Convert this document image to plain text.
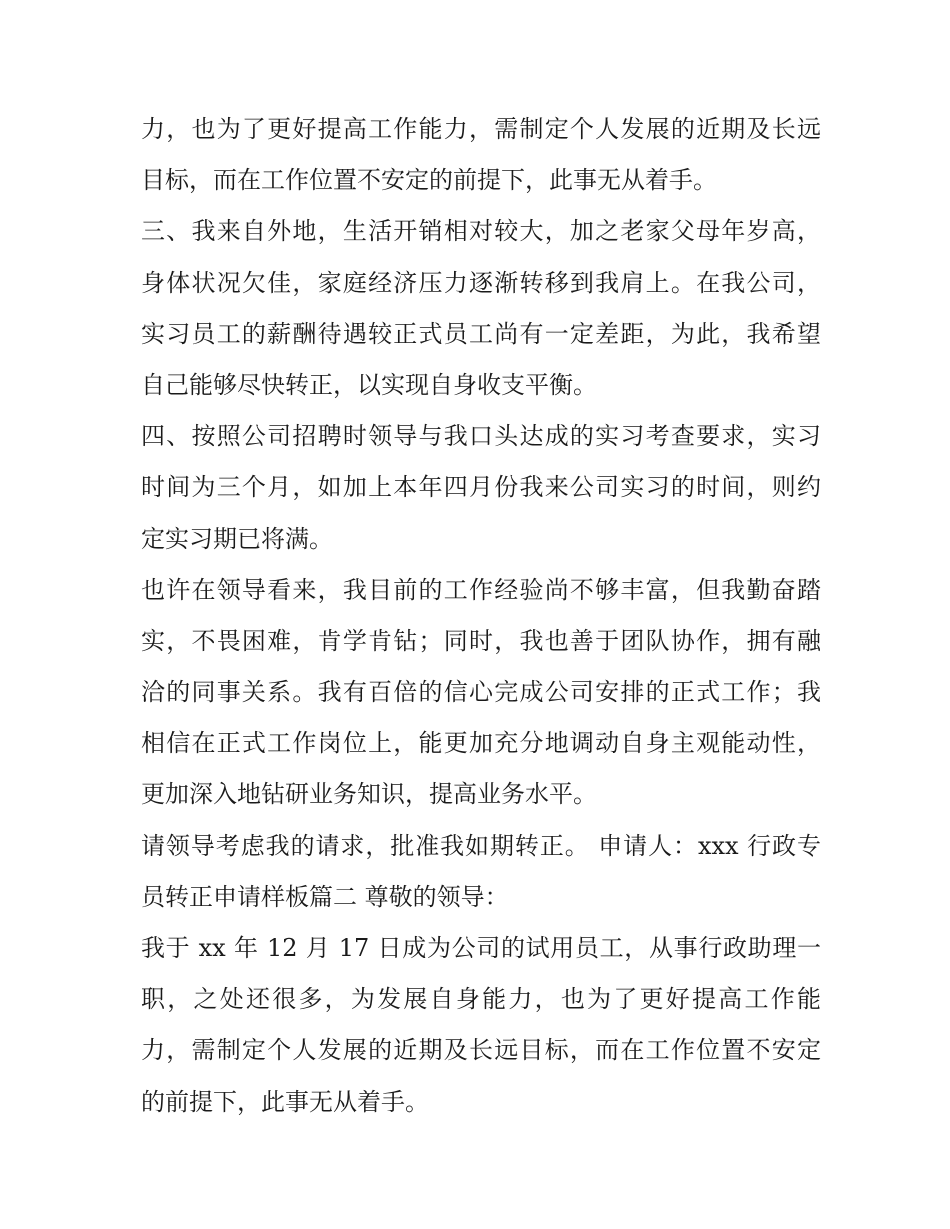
力，也为了更好提高工作能力，需制定个人发展的近期及长远
目标，而在工作位置不安定的前提下，此事无从着手。
三、我来自外地，生活开销相对较大，加之老家父母年岁高，
身体状况欠佳，家庭经济压力逐渐转移到我肩上。在我公司，
实习员工的薪酬待遇较正式员工尚有一定差距，为此，我希望
自己能够尽快转正，以实现自身收支平衡。
四、按照公司招聘时领导与我口头达成的实习考查要求，实习
时间为三个月，如加上本年四月份我来公司实习的时间，则约
定实习期已将满。
也许在领导看来，我目前的工作经验尚不够丰富，但我勤奋踏
实，不畏困难，肯学肯钻；同时，我也善于团队协作，拥有融
洽的同事关系。我有百倍的信心完成公司安排的正式工作；我
相信在正式工作岗位上，能更加充分地调动自身主观能动性，
更加深入地钻研业务知识，提高业务水平。
请领导考虑我的请求，批准我如期转正。 申请人：xxx 行政专
员转正申请样板篇二 尊敬的领导：
我于 xx 年 12 月 17 日成为公司的试用员工，从事行政助理一
职，之处还很多，为发展自身能力，也为了更好提高工作能
力，需制定个人发展的近期及长远目标，而在工作位置不安定
的前提下，此事无从着手。
